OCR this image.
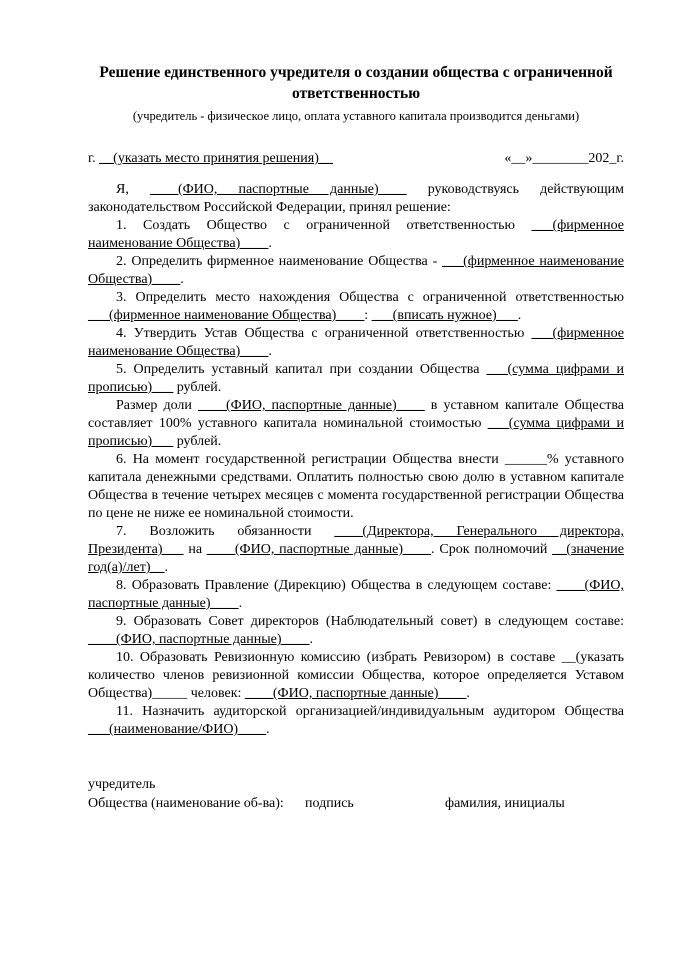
Решение единственного учредителя о создании общества с ограниченной
ответственностью

(учредитель - физическое лицо, оплата уставного капитала производится деньгами)

г. __(указать место принятия решения)__	«__»________202_г.

Я, ____(ФИО, паспортные данные)____ руководствуясь действующим законодательством Российской Федерации, принял решение:

1. Создать Общество с ограниченной ответственностью ___(фирменное наименование Общества)____.

2. Определить фирменное наименование Общества - ___(фирменное наименование Общества)____.

3. Определить место нахождения Общества с ограниченной ответственностью ___(фирменное наименование Общества)____: ___(вписать нужное)___.

4. Утвердить Устав Общества с ограниченной ответственностью ___(фирменное наименование Общества)____.

5. Определить уставный капитал при создании Общества ___(сумма цифрами и прописью)___ рублей.

Размер доли ____(ФИО, паспортные данные)____ в уставном капитале Общества составляет 100% уставного капитала номинальной стоимостью ___(сумма цифрами и прописью)___ рублей.

6. На момент государственной регистрации Общества внести ______% уставного капитала денежными средствами. Оплатить полностью свою долю в уставном капитале Общества в течение четырех месяцев с момента государственной регистрации Общества по цене не ниже ее номинальной стоимости.

7. Возложить обязанности ____(Директора, Генерального директора, Президента)___ на ____(ФИО, паспортные данные)____. Срок полномочий __(значение год(а)/лет)__.

8. Образовать Правление (Дирекцию) Общества в следующем составе: ____(ФИО, паспортные данные)____.

9. Образовать Совет директоров (Наблюдательный совет) в следующем составе: ____(ФИО, паспортные данные)____.

10. Образовать Ревизионную комиссию (избрать Ревизором) в составе __(указать количество членов ревизионной комиссии Общества, которое определяется Уставом Общества)_____ человек: ____(ФИО, паспортные данные)____.

11. Назначить аудиторской организацией/индивидуальным аудитором Общества ___(наименование/ФИО)____.

учредитель

Общества (наименование об-ва):	подпись	фамилия, инициалы
